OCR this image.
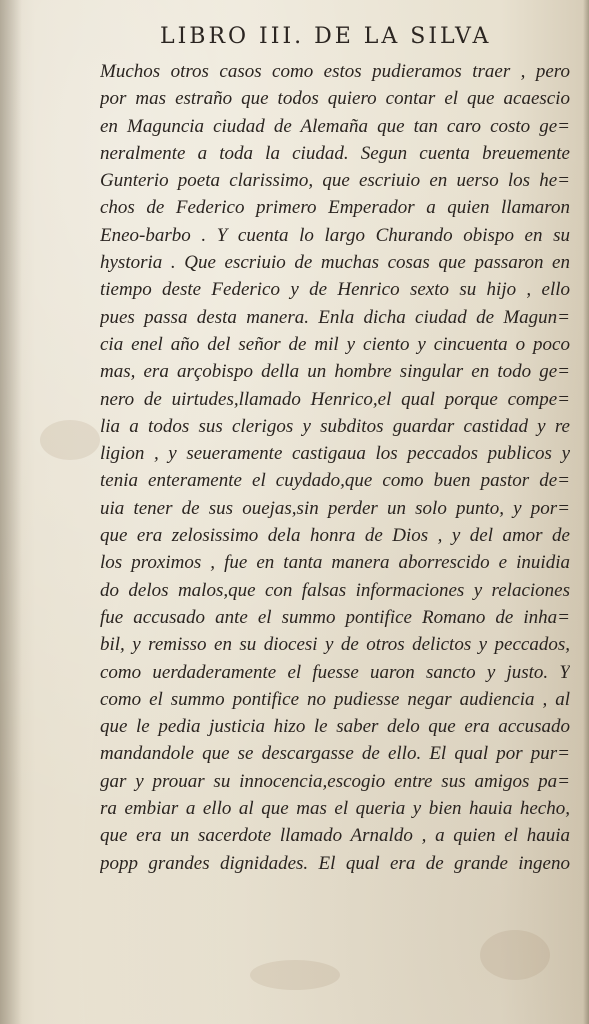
LIBRO III. DE LA SILVA
Muchos otros casos como estos pudieramos traer , pero
por mas estraño que todos quiero contar el que acaescio
en Maguncia ciudad de Alemaña que tan caro costo ge=
neralmente a toda la ciudad. Segun cuenta breuemente
Gunterio poeta clarissimo, que escriuio en uerso los he=
chos de Federico primero Emperador a quien llamaron
Eneo-barbo . Y cuenta lo largo Churando obispo en su
hystoria . Que escriuio de muchas cosas que passaron en
tiempo deste Federico y de Henrico sexto su hijo , ello
pues passa desta manera. Enla dicha ciudad de Magun=
cia enel año del señor de mil y ciento y cincuenta o poco
mas, era arçobispo della un hombre singular en todo ge=
nero de uirtudes,llamado Henrico,el qual porque compe=
lia a todos sus clerigos y subditos guardar castidad y re
ligion , y seueramente castigaua los peccados publicos y
tenia enteramente el cuydado,que como buen pastor de=
uia tener de sus ouejas,sin perder un solo punto, y por=
que era zelosissimo dela honra de Dios , y del amor de
los proximos , fue en tanta manera aborrescido e inuidia
do delos malos,que con falsas informaciones y relaciones
fue accusado ante el summo pontifice Romano de inha=
bil, y remisso en su diocesi y de otros delictos y peccados,
como uerdaderamente el fuesse uaron sancto y justo. Y
como el summo pontifice no pudiesse negar audiencia , al
que le pedia justicia hizo le saber delo que era accusado
mandandole que se descargasse de ello. El qual por pur=
gar y prouar su innocencia,escogio entre sus amigos pa=
ra embiar a ello al que mas el queria y bien hauia hecho,
que era un sacerdote llamado Arnaldo , a quien el hauia
popp grandes dignidades. El qual era de grande ingeno
